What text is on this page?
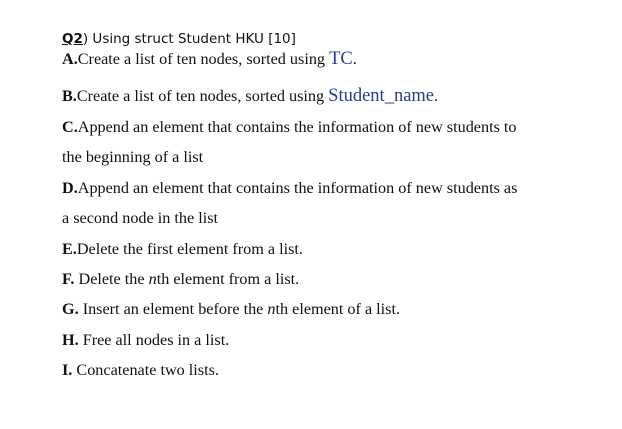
Q2) Using struct Student HKU [10]
A.Create a list of ten nodes, sorted using TC.
B.Create a list of ten nodes, sorted using Student_name.
C.Append an element that contains the information of new students to
the beginning of a list
D.Append an element that contains the information of new students as
a second node in the list
E.Delete the first element from a list.
F. Delete the nth element from a list.
G. Insert an element before the nth element of a list.
H. Free all nodes in a list.
I. Concatenate two lists.
